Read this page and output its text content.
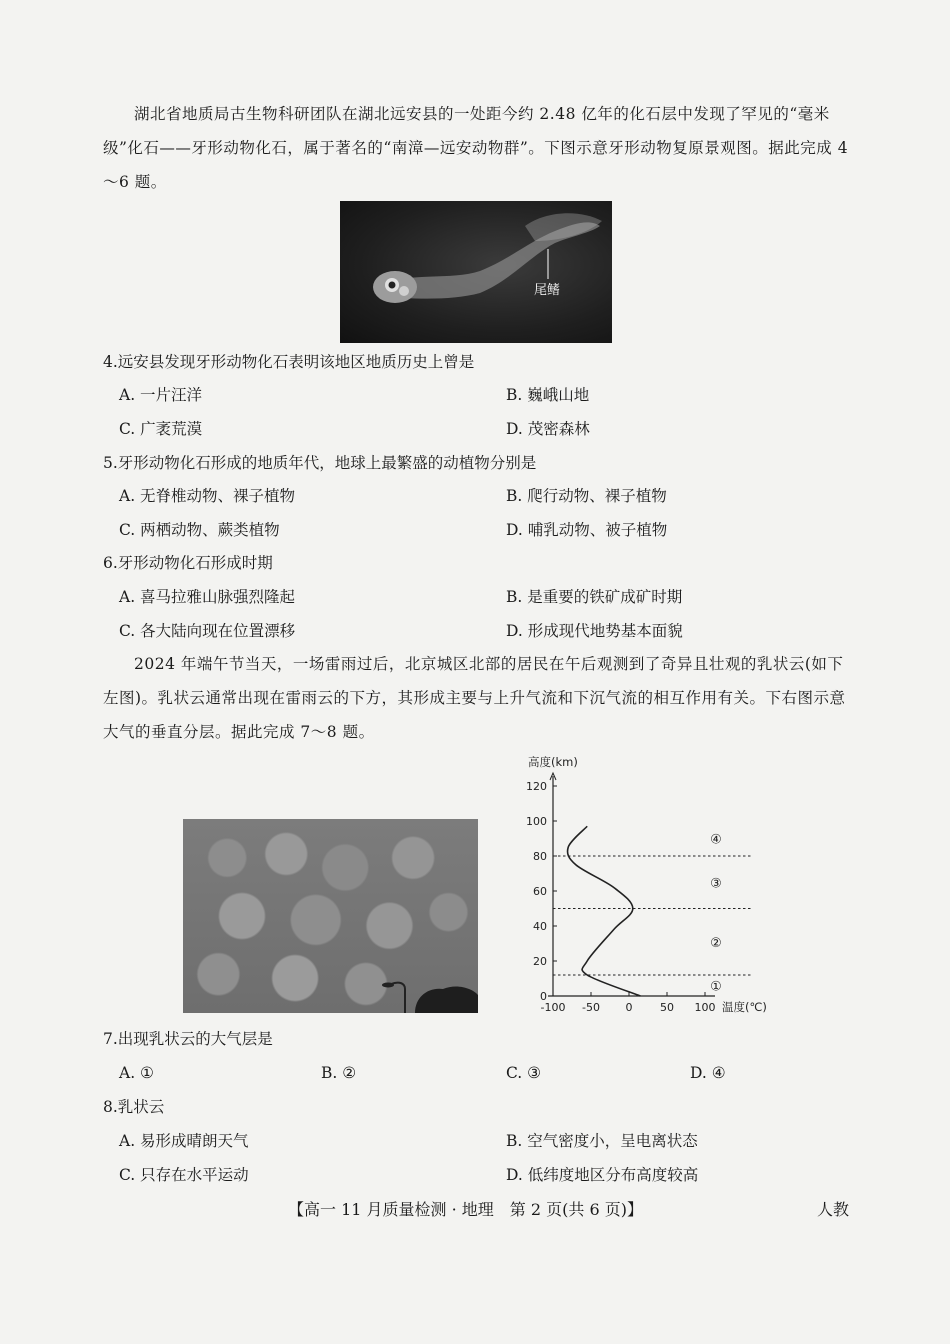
湖北省地质局古生物科研团队在湖北远安县的一处距今约 2.48 亿年的化石层中发现了罕见的“毫米级”化石——牙形动物化石，属于著名的“南漳—远安动物群”。下图示意牙形动物复原景观图。据此完成 4～6 题。
尾鳍
4.远安县发现牙形动物化石表明该地区地质历史上曾是
A. 一片汪洋	B. 巍峨山地
C. 广袤荒漠	D. 茂密森林
5.牙形动物化石形成的地质年代，地球上最繁盛的动植物分别是
A. 无脊椎动物、裸子植物	B. 爬行动物、裸子植物
C. 两栖动物、蕨类植物	D. 哺乳动物、被子植物
6.牙形动物化石形成时期
A. 喜马拉雅山脉强烈隆起	B. 是重要的铁矿成矿时期
C. 各大陆向现在位置漂移	D. 形成现代地势基本面貌
2024 年端午节当天，一场雷雨过后，北京城区北部的居民在午后观测到了奇异且壮观的乳状云(如下左图)。乳状云通常出现在雷雨云的下方，其形成主要与上升气流和下沉气流的相互作用有关。下右图示意大气的垂直分层。据此完成 7～8 题。
0
20
40
60
80
100
120
-100 -50 0	50 100
高度(km)
温度(℃)
①
②
③
④
7.出现乳状云的大气层是
A. ①	B. ②	C. ③	D. ④
8.乳状云
A. 易形成晴朗天气	B. 空气密度小，呈电离状态
C. 只存在水平运动	D. 低纬度地区分布高度较高
【高一 11 月质量检测 · 地理　第 2 页(共 6 页)】	人教
